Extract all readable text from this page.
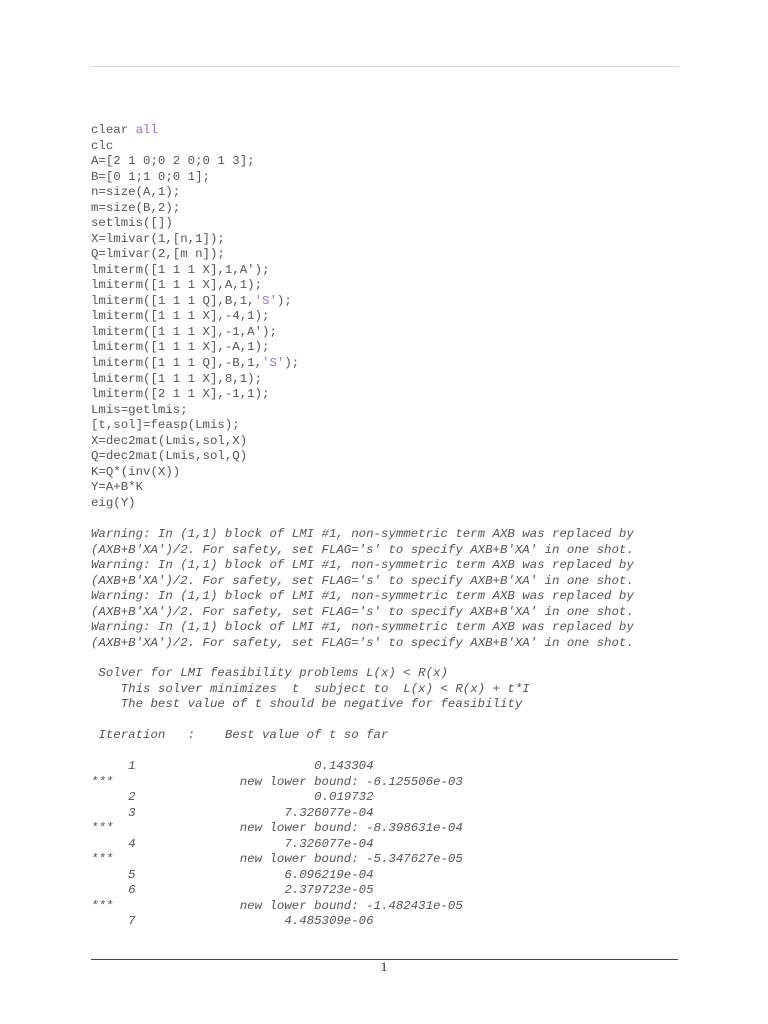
clear all
clc
A=[2 1 0;0 2 0;0 1 3];
B=[0 1;1 0;0 1];
n=size(A,1);
m=size(B,2);
setlmis([])
X=lmivar(1,[n,1]);
Q=lmivar(2,[m n]);
lmiterm([1 1 1 X],1,A');
lmiterm([1 1 1 X],A,1);
lmiterm([1 1 1 Q],B,1,'S');
lmiterm([1 1 1 X],-4,1);
lmiterm([1 1 1 X],-1,A');
lmiterm([1 1 1 X],-A,1);
lmiterm([1 1 1 Q],-B,1,'S');
lmiterm([1 1 1 X],8,1);
lmiterm([2 1 1 X],-1,1);
Lmis=getlmis;
[t,sol]=feasp(Lmis);
X=dec2mat(Lmis,sol,X)
Q=dec2mat(Lmis,sol,Q)
K=Q*(inv(X))
Y=A+B*K
eig(Y)
Warning: In (1,1) block of LMI #1, non-symmetric term AXB was replaced by
(AXB+B'XA')/2. For safety, set FLAG='s' to specify AXB+B'XA' in one shot.
Warning: In (1,1) block of LMI #1, non-symmetric term AXB was replaced by
(AXB+B'XA')/2. For safety, set FLAG='s' to specify AXB+B'XA' in one shot.
Warning: In (1,1) block of LMI #1, non-symmetric term AXB was replaced by
(AXB+B'XA')/2. For safety, set FLAG='s' to specify AXB+B'XA' in one shot.
Warning: In (1,1) block of LMI #1, non-symmetric term AXB was replaced by
(AXB+B'XA')/2. For safety, set FLAG='s' to specify AXB+B'XA' in one shot.
Solver for LMI feasibility problems L(x) < R(x)
This solver minimizes  t  subject to  L(x) < R(x) + t*I
The best value of t should be negative for feasibility
Iteration   :    Best value of t so far
1                        0.143304
***                 new lower bound: -6.125506e-03
2                        0.019732
3                    7.326077e-04
***                 new lower bound: -8.398631e-04
4                    7.326077e-04
***                 new lower bound: -5.347627e-05
5                    6.096219e-04
6                    2.379723e-05
***                 new lower bound: -1.482431e-05
7                    4.485309e-06
1
